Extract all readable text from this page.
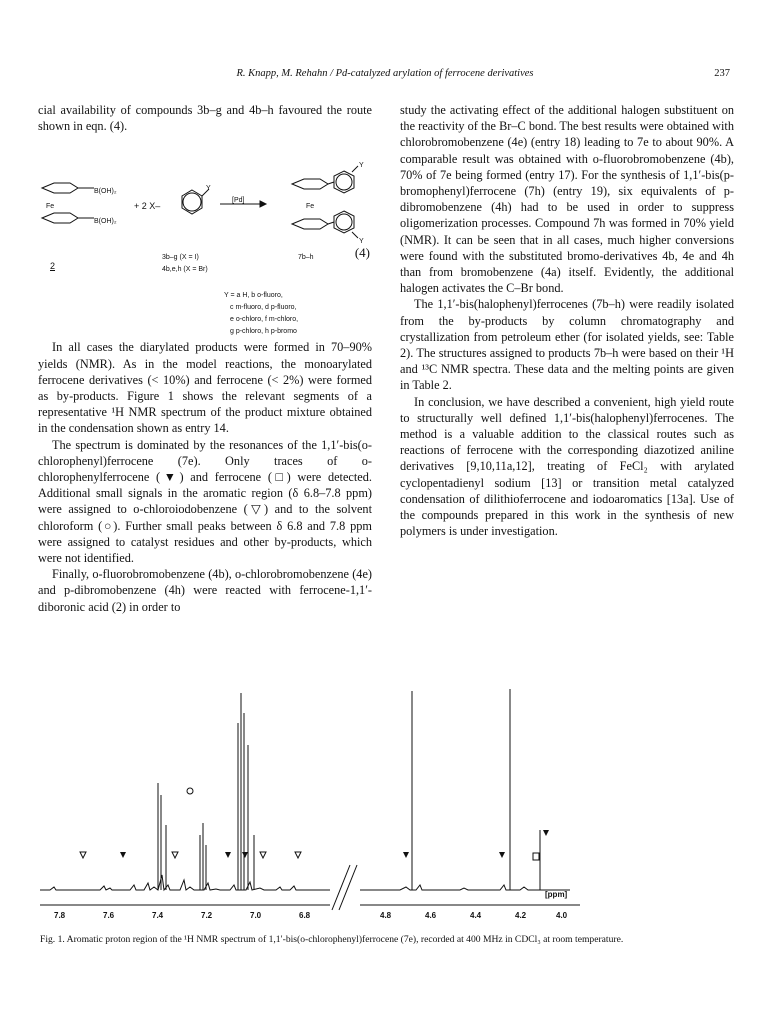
R. Knapp, M. Rehahn / Pd-catalyzed arylation of ferrocene derivatives	237

cial availability of compounds 3b–g and 4b–h favoured the route shown in eqn. (4).

B(OH)₂
Fe
B(OH)₂
+ 2 X–
Y
[Pd]
Fe
Y
Y
2
3b–g (X = I)
4b,e,h (X = Br)
7b–h	(4)
Y = a H, b o-fluoro,
c m-fluoro, d p-fluoro,
e o-chloro, f m-chloro,
g p-chloro, h p-bromo

In all cases the diarylated products were formed in 70–90% yields (NMR). As in the model reactions, the monoarylated ferrocene derivatives (< 10%) and ferrocene (< 2%) were formed as by-products. Figure 1 shows the relevant segments of a representative ¹H NMR spectrum of the product mixture obtained in the condensation shown as entry 14.

The spectrum is dominated by the resonances of the 1,1′-bis(o-chlorophenyl)ferrocene (7e). Only traces of o-chlorophenylferrocene (▼) and ferrocene (□) were detected. Additional small signals in the aromatic region (δ 6.8–7.8 ppm) were assigned to o-chloroiodobenzene (▽) and to the solvent chloroform (○). Further small peaks between δ 6.8 and 7.8 ppm were assigned to catalyst residues and other by-products, which were not identified.

Finally, o-fluorobromobenzene (4b), o-chlorobromobenzene (4e) and p-dibromobenzene (4h) were reacted with ferrocene-1,1′-diboronic acid (2) in order to

study the activating effect of the additional halogen substituent on the reactivity of the Br–C bond. The best results were obtained with chlorobromobenzene (4e) (entry 18) leading to 7e to about 90%. A comparable result was obtained with o-fluorobromobenzene (4b), 70% of 7e being formed (entry 17). For the synthesis of 1,1′-bis(p-bromophenyl)ferrocene (7h) (entry 19), six equivalents of p-dibromobenzene (4h) had to be used in order to suppress oligomerization processes. Compound 7h was formed in 70% yield (NMR). It can be seen that in all cases, much higher conversions were found with the substituted bromo-derivatives 4b, 4e and 4h than from bromobenzene (4a) itself. Evidently, the additional halogen activates the C–Br bond.

The 1,1′-bis(halophenyl)ferrocenes (7b–h) were readily isolated from the by-products by column chromatography and crystallization from petroleum ether (for isolated yields, see: Table 2). The structures assigned to products 7b–h were based on their ¹H and ¹³C NMR spectra. These data and the melting points are given in Table 2.

In conclusion, we have described a convenient, high yield route to structurally well defined 1,1′-bis(halophenyl)ferrocenes. The method is a valuable addition to the classical routes such as reactions of ferrocene with the corresponding diazotized aniline derivatives [9,10,11a,12], treating of FeCl₂ with arylated cyclopentadienyl sodium [13] or transition metal catalyzed condensation of dilithioferrocene and iodoaromatics [13a]. Use of the compounds prepared in this work in the synthesis of new polymers is under investigation.

[ppm]
7.8	7.6	7.4	7.2	7.0	6.8	4.8	4.6	4.4	4.2	4.0
Fig. 1. Aromatic proton region of the ¹H NMR spectrum of 1,1′-bis(o-chlorophenyl)ferrocene (7e), recorded at 400 MHz in CDCl₃ at room temperature.
